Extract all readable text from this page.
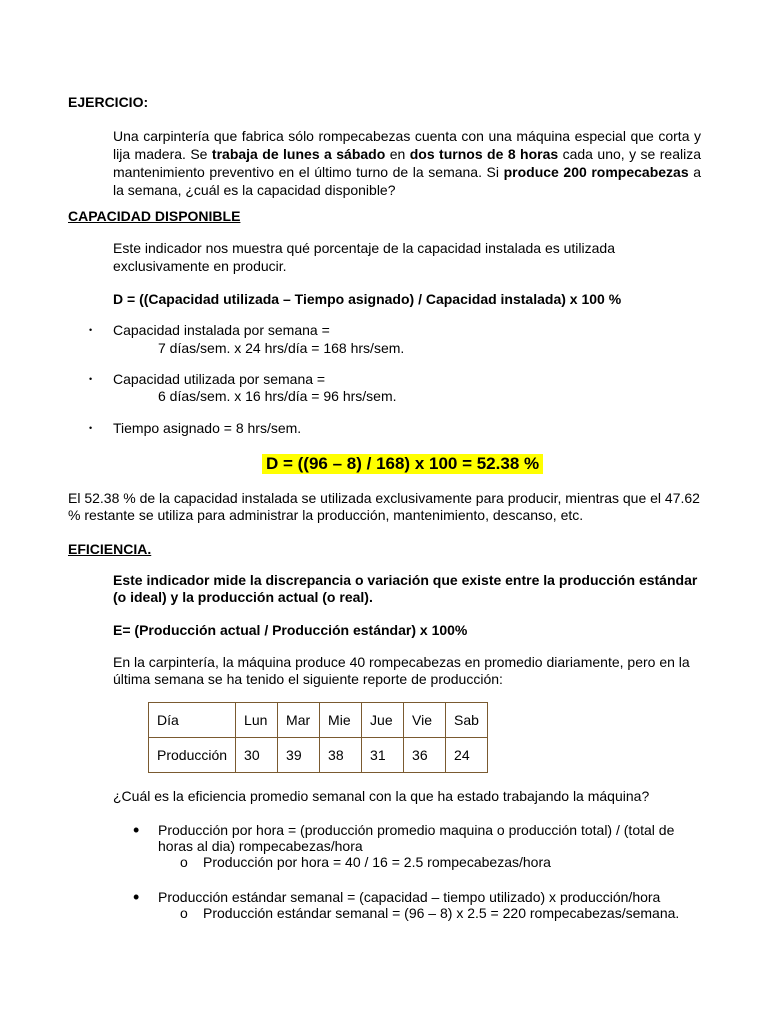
EJERCICIO:
Una carpintería que fabrica sólo rompecabezas cuenta con una máquina especial que corta y lija madera. Se trabaja de lunes a sábado en dos turnos de 8 horas cada uno, y se realiza mantenimiento preventivo en el último turno de la semana. Si produce 200 rompecabezas a la semana, ¿cuál es la capacidad disponible?
CAPACIDAD DISPONIBLE
Este indicador nos muestra qué porcentaje de la capacidad instalada es utilizada
exclusivamente en producir.
D = ((Capacidad utilizada – Tiempo asignado) / Capacidad instalada) x 100 %
• Capacidad instalada por semana =
7 días/sem. x 24 hrs/día = 168 hrs/sem.
• Capacidad utilizada por semana =
6 días/sem. x 16 hrs/día = 96 hrs/sem.
• Tiempo asignado = 8 hrs/sem.
D = ((96 – 8) / 168) x 100 = 52.38 %
El 52.38 % de la capacidad instalada se utilizada exclusivamente para producir, mientras que el 47.62
% restante se utiliza para administrar la producción, mantenimiento, descanso, etc.
EFICIENCIA.
Este indicador mide la discrepancia o variación que existe entre la producción estándar
(o ideal) y la producción actual (o real).
E= (Producción actual / Producción estándar) x 100%
En la carpintería, la máquina produce 40 rompecabezas en promedio diariamente, pero en la
última semana se ha tenido el siguiente reporte de producción:
Día	Lun	Mar	Mie	Jue	Vie	Sab
Producción	30	39	38	31	36	24
¿Cuál es la eficiencia promedio semanal con la que ha estado trabajando la máquina?
• Producción por hora = (producción promedio maquina o producción total) / (total de
horas al dia) rompecabezas/hora
o Producción por hora = 40 / 16 = 2.5 rompecabezas/hora
• Producción estándar semanal = (capacidad – tiempo utilizado) x producción/hora
o Producción estándar semanal = (96 – 8) x 2.5 = 220 rompecabezas/semana.
